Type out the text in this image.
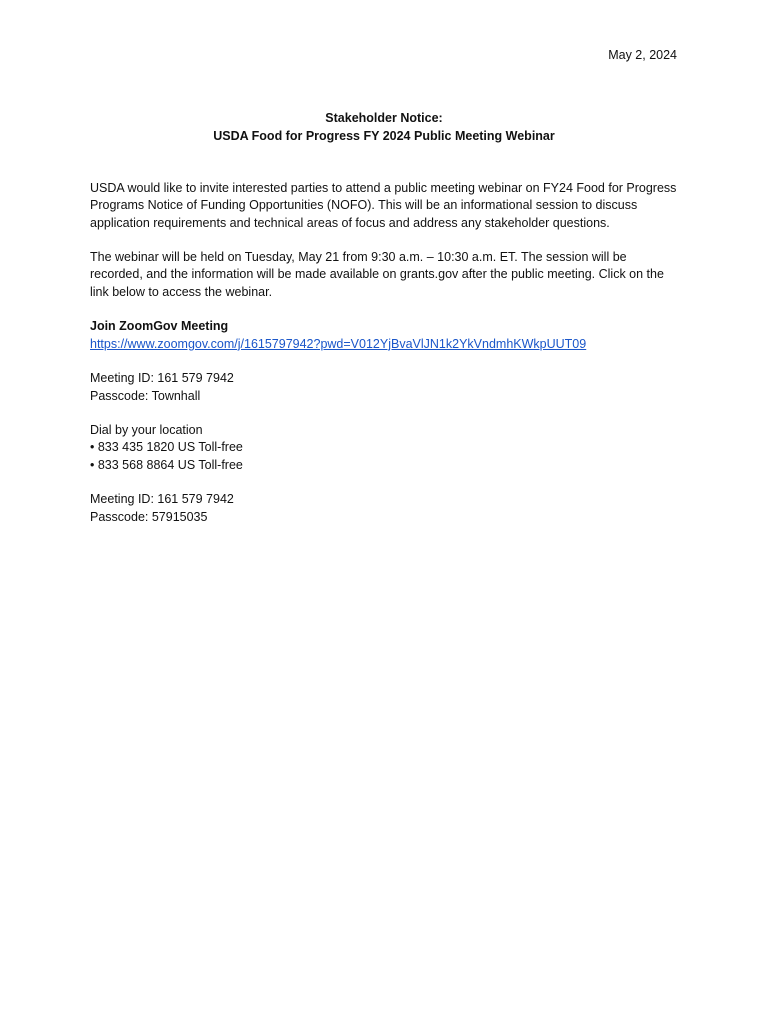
May 2, 2024
Stakeholder Notice:
USDA Food for Progress FY 2024 Public Meeting Webinar

USDA would like to invite interested parties to attend a public meeting webinar on FY24 Food for Progress Programs Notice of Funding Opportunities (NOFO). This will be an informational session to discuss application requirements and technical areas of focus and address any stakeholder questions.

The webinar will be held on Tuesday, May 21 from 9:30 a.m. – 10:30 a.m. ET. The session will be recorded, and the information will be made available on grants.gov after the public meeting. Click on the link below to access the webinar.

Join ZoomGov Meeting
https://www.zoomgov.com/j/1615797942?pwd=V012YjBvaVlJN1k2YkVndmhKWkpUUT09
Meeting ID: 161 579 7942
Passcode: Townhall
Dial by your location
• 833 435 1820 US Toll-free
• 833 568 8864 US Toll-free
Meeting ID: 161 579 7942
Passcode: 57915035
